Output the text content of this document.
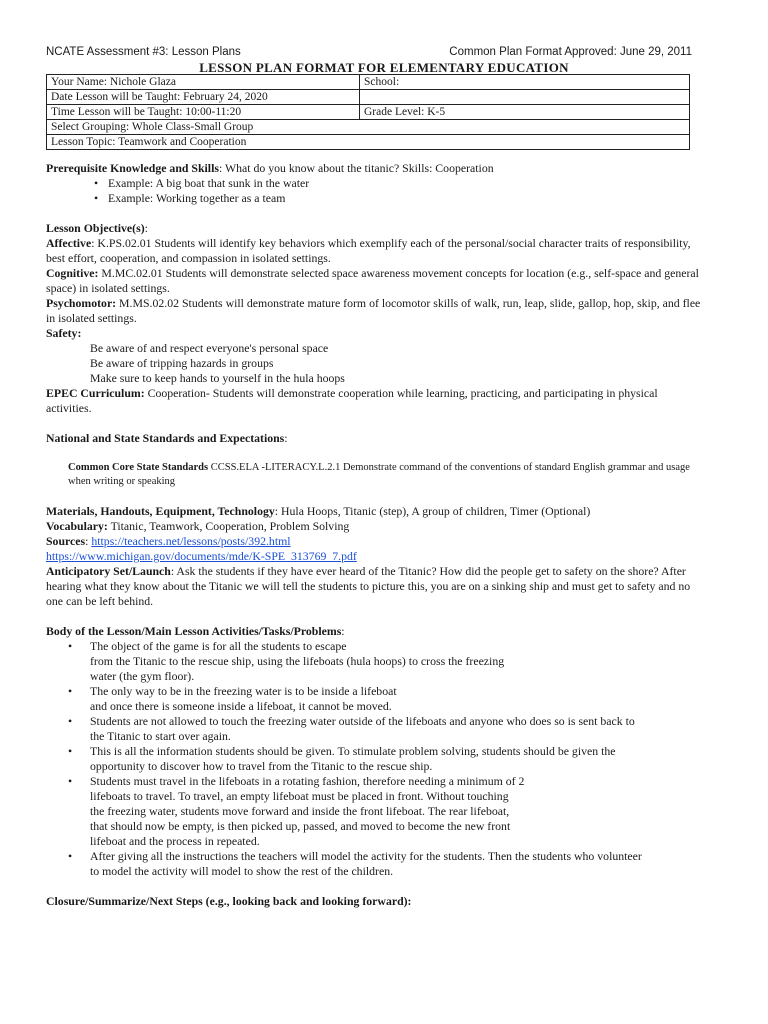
NCATE Assessment #3: Lesson Plans	Common Plan Format Approved: June 29, 2011
LESSON PLAN FORMAT FOR ELEMENTARY EDUCATION
Your Name: Nichole Glaza	School:
Date Lesson will be Taught: February 24, 2020	
Time Lesson will be Taught: 10:00-11:20	Grade Level: K-5
Select Grouping: Whole Class-Small Group	
Lesson Topic: Teamwork and Cooperation	

Prerequisite Knowledge and Skills: What do you know about the titanic? Skills: Cooperation

• Example: A big boat that sunk in the water
• Example: Working together as a team

Lesson Objective(s):

Affective: K.PS.02.01 Students will identify key behaviors which exemplify each of the personal/social character traits of responsibility, best effort, cooperation, and compassion in isolated settings.

Cognitive: M.MC.02.01 Students will demonstrate selected space awareness movement concepts for location (e.g., self-space and general space) in isolated settings.

Psychomotor: M.MS.02.02 Students will demonstrate mature form of locomotor skills of walk, run, leap, slide, gallop, hop, skip, and flee in isolated settings.

Safety:

Be aware of and respect everyone's personal space

Be aware of tripping hazards in groups

Make sure to keep hands to yourself in the hula hoops

EPEC Curriculum: Cooperation- Students will demonstrate cooperation while learning, practicing, and participating in physical activities.

National and State Standards and Expectations:

Common Core State Standards CCSS.ELA -LITERACY.L.2.1 Demonstrate command of the conventions of standard English grammar and usage when writing or speaking

Materials, Handouts, Equipment, Technology: Hula Hoops, Titanic (step), A group of children, Timer (Optional)

Vocabulary: Titanic, Teamwork, Cooperation, Problem Solving

Sources: https://teachers.net/lessons/posts/392.html

https://www.michigan.gov/documents/mde/K-SPE_313769_7.pdf

Anticipatory Set/Launch: Ask the students if they have ever heard of the Titanic? How did the people get to safety on the shore? After hearing what they know about the Titanic we will tell the students to picture this, you are on a sinking ship and must get to safety and no one can be left behind.

Body of the Lesson/Main Lesson Activities/Tasks/Problems:

• The object of the game is for all the students to escape
from the Titanic to the rescue ship, using the lifeboats (hula hoops) to cross the freezing
water (the gym floor).
• The only way to be in the freezing water is to be inside a lifeboat
and once there is someone inside a lifeboat, it cannot be moved.
• Students are not allowed to touch the freezing water outside of the lifeboats and anyone who does so is sent back to
the Titanic to start over again.
• This is all the information students should be given. To stimulate problem solving, students should be given the
opportunity to discover how to travel from the Titanic to the rescue ship.
• Students must travel in the lifeboats in a rotating fashion, therefore needing a minimum of 2
lifeboats to travel. To travel, an empty lifeboat must be placed in front. Without touching
the freezing water, students move forward and inside the front lifeboat. The rear lifeboat,
that should now be empty, is then picked up, passed, and moved to become the new front
lifeboat and the process in repeated.
• After giving all the instructions the teachers will model the activity for the students. Then the students who volunteer
to model the activity will model to show the rest of the children.

Closure/Summarize/Next Steps (e.g., looking back and looking forward):
